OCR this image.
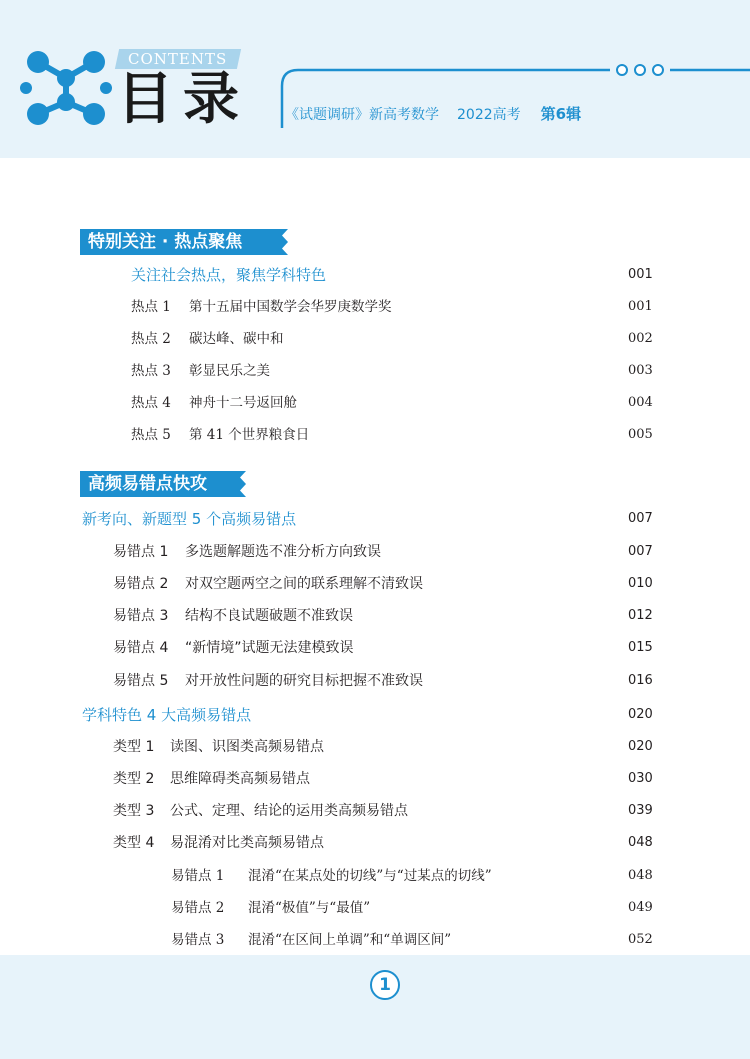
CONTENTS
目录	《试题调研》新高考数学 2022高考 第6辑
特别关注 · 热点聚焦
关注社会热点，聚焦学科特色	001
热点 1 第十五届中国数学会华罗庚数学奖	001
热点 2 碳达峰、碳中和	002
热点 3 彰显民乐之美	003
热点 4 神舟十二号返回舱	004
热点 5 第 41 个世界粮食日	005
高频易错点快攻
新考向、新题型 5 个高频易错点	007
易错点 1 多选题解题选不准分析方向致误	007
易错点 2 对双空题两空之间的联系理解不清致误	010
易错点 3 结构不良试题破题不准致误	012
易错点 4 “新情境”试题无法建模致误	015
易错点 5 对开放性问题的研究目标把握不准致误	016
学科特色 4 大高频易错点	020
类型 1 读图、识图类高频易错点	020
类型 2 思维障碍类高频易错点	030
类型 3 公式、定理、结论的运用类高频易错点	039
类型 4 易混淆对比类高频易错点	048
易错点 1 混淆“在某点处的切线”与“过某点的切线”	048
易错点 2 混淆“极值”与“最值”	049
易错点 3 混淆“在区间上单调”和“单调区间”	052
1
